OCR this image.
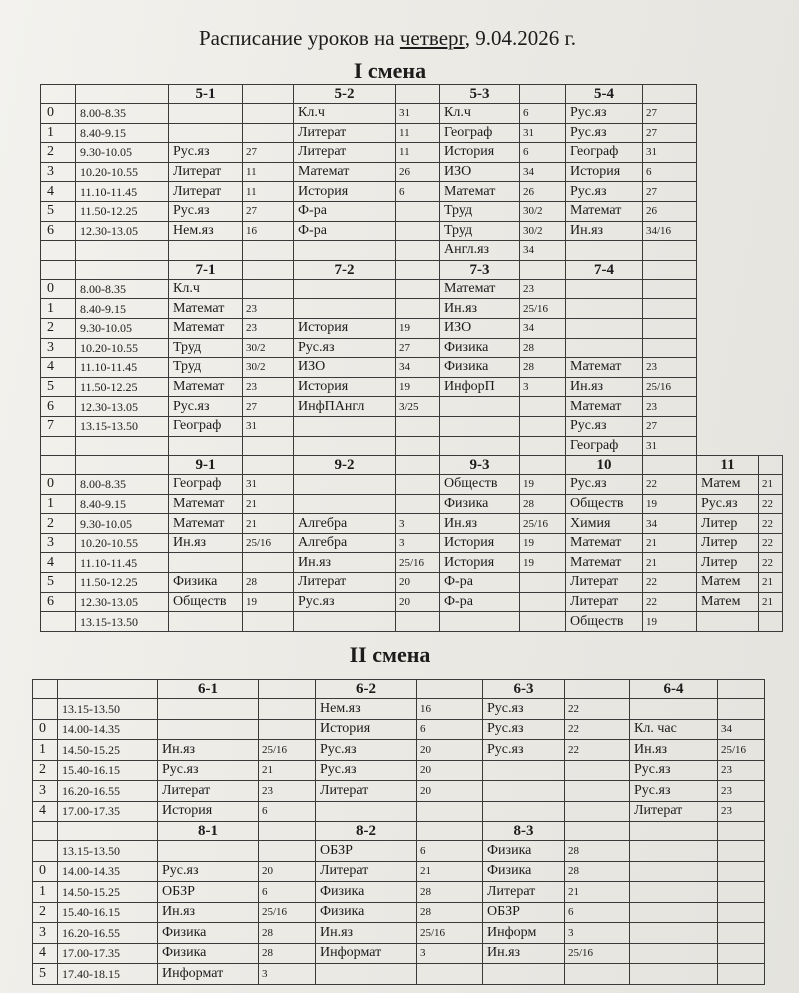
Расписание уроков на четверг, 9.04.2026 г.
I смена
		5-1		5-2		5-3		5-4			
0	8.00-8.35			Кл.ч	31	Кл.ч	6	Рус.яз	27		
1	8.40-9.15			Литерат	11	Географ	31	Рус.яз	27		
2	9.30-10.05	Рус.яз	27	Литерат	11	История	6	Географ	31		
3	10.20-10.55	Литерат	11	Математ	26	ИЗО	34	История	6		
4	11.10-11.45	Литерат	11	История	6	Математ	26	Рус.яз	27		
5	11.50-12.25	Рус.яз	27	Ф-ра		Труд	30/2	Математ	26		
6	12.30-13.05	Нем.яз	16	Ф-ра		Труд	30/2	Ин.яз	34/16		
						Англ.яз	34				
		7-1		7-2		7-3		7-4			
0	8.00-8.35	Кл.ч				Математ	23				
1	8.40-9.15	Математ	23			Ин.яз	25/16				
2	9.30-10.05	Математ	23	История	19	ИЗО	34				
3	10.20-10.55	Труд	30/2	Рус.яз	27	Физика	28				
4	11.10-11.45	Труд	30/2	ИЗО	34	Физика	28	Математ	23		
5	11.50-12.25	Математ	23	История	19	ИнфорП	3	Ин.яз	25/16		
6	12.30-13.05	Рус.яз	27	ИнфПАнгл	3/25			Математ	23		
7	13.15-13.50	Географ	31					Рус.яз	27		
								Географ	31		
		9-1		9-2		9-3		10		11	
0	8.00-8.35	Географ	31			Обществ	19	Рус.яз	22	Матем	21
1	8.40-9.15	Математ	21			Физика	28	Обществ	19	Рус.яз	22
2	9.30-10.05	Математ	21	Алгебра	3	Ин.яз	25/16	Химия	34	Литер	22
3	10.20-10.55	Ин.яз	25/16	Алгебра	3	История	19	Математ	21	Литер	22
4	11.10-11.45			Ин.яз	25/16	История	19	Математ	21	Литер	22
5	11.50-12.25	Физика	28	Литерат	20	Ф-ра		Литерат	22	Матем	21
6	12.30-13.05	Обществ	19	Рус.яз	20	Ф-ра		Литерат	22	Матем	21
	13.15-13.50							Обществ	19		
II смена
		6-1		6-2		6-3		6-4	
	13.15-13.50			Нем.яз	16	Рус.яз	22		
0	14.00-14.35			История	6	Рус.яз	22	Кл. час	34
1	14.50-15.25	Ин.яз	25/16	Рус.яз	20	Рус.яз	22	Ин.яз	25/16
2	15.40-16.15	Рус.яз	21	Рус.яз	20			Рус.яз	23
3	16.20-16.55	Литерат	23	Литерат	20			Рус.яз	23
4	17.00-17.35	История	6					Литерат	23
		8-1		8-2		8-3			
	13.15-13.50			ОБЗР	6	Физика	28		
0	14.00-14.35	Рус.яз	20	Литерат	21	Физика	28		
1	14.50-15.25	ОБЗР	6	Физика	28	Литерат	21		
2	15.40-16.15	Ин.яз	25/16	Физика	28	ОБЗР	6		
3	16.20-16.55	Физика	28	Ин.яз	25/16	Информ	3		
4	17.00-17.35	Физика	28	Информат	3	Ин.яз	25/16		
5	17.40-18.15	Информат	3						
